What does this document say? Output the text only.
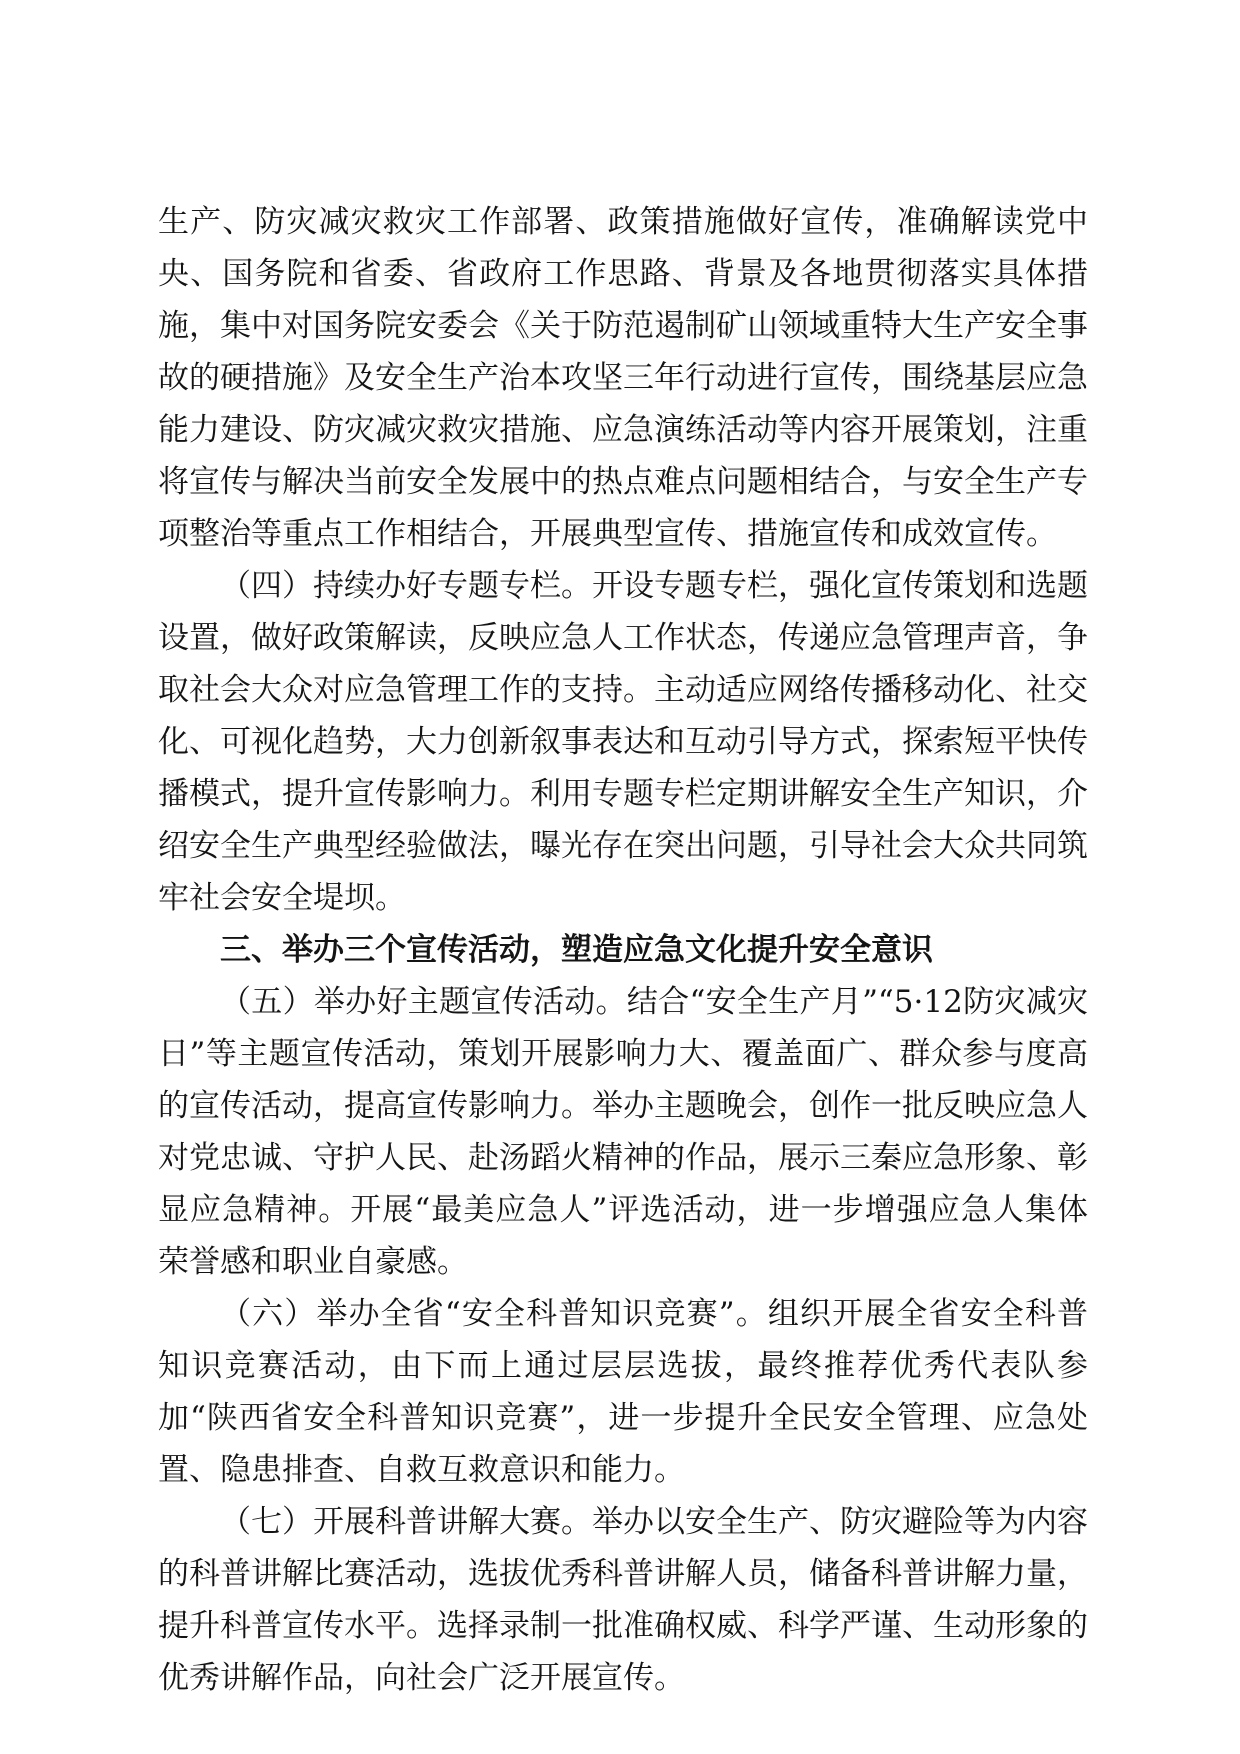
生产、防灾减灾救灾工作部署、政策措施做好宣传，准确解读党中央、国务院和省委、省政府工作思路、背景及各地贯彻落实具体措施，集中对国务院安委会《关于防范遏制矿山领域重特大生产安全事故的硬措施》及安全生产治本攻坚三年行动进行宣传，围绕基层应急能力建设、防灾减灾救灾措施、应急演练活动等内容开展策划，注重将宣传与解决当前安全发展中的热点难点问题相结合，与安全生产专项整治等重点工作相结合，开展典型宣传、措施宣传和成效宣传。

（四）持续办好专题专栏。开设专题专栏，强化宣传策划和选题设置，做好政策解读，反映应急人工作状态，传递应急管理声音，争取社会大众对应急管理工作的支持。主动适应网络传播移动化、社交化、可视化趋势，大力创新叙事表达和互动引导方式，探索短平快传播模式，提升宣传影响力。利用专题专栏定期讲解安全生产知识，介绍安全生产典型经验做法，曝光存在突出问题，引导社会大众共同筑牢社会安全堤坝。

三、举办三个宣传活动，塑造应急文化提升安全意识

（五）举办好主题宣传活动。结合“安全生产月”“5·12防灾减灾日”等主题宣传活动，策划开展影响力大、覆盖面广、群众参与度高的宣传活动，提高宣传影响力。举办主题晚会，创作一批反映应急人对党忠诚、守护人民、赴汤蹈火精神的作品，展示三秦应急形象、彰显应急精神。开展“最美应急人”评选活动，进一步增强应急人集体荣誉感和职业自豪感。

（六）举办全省“安全科普知识竞赛”。组织开展全省安全科普知识竞赛活动，由下而上通过层层选拔，最终推荐优秀代表队参加“陕西省安全科普知识竞赛”，进一步提升全民安全管理、应急处置、隐患排查、自救互救意识和能力。

（七）开展科普讲解大赛。举办以安全生产、防灾避险等为内容的科普讲解比赛活动，选拔优秀科普讲解人员，储备科普讲解力量，提升科普宣传水平。选择录制一批准确权威、科学严谨、生动形象的优秀讲解作品，向社会广泛开展宣传。
